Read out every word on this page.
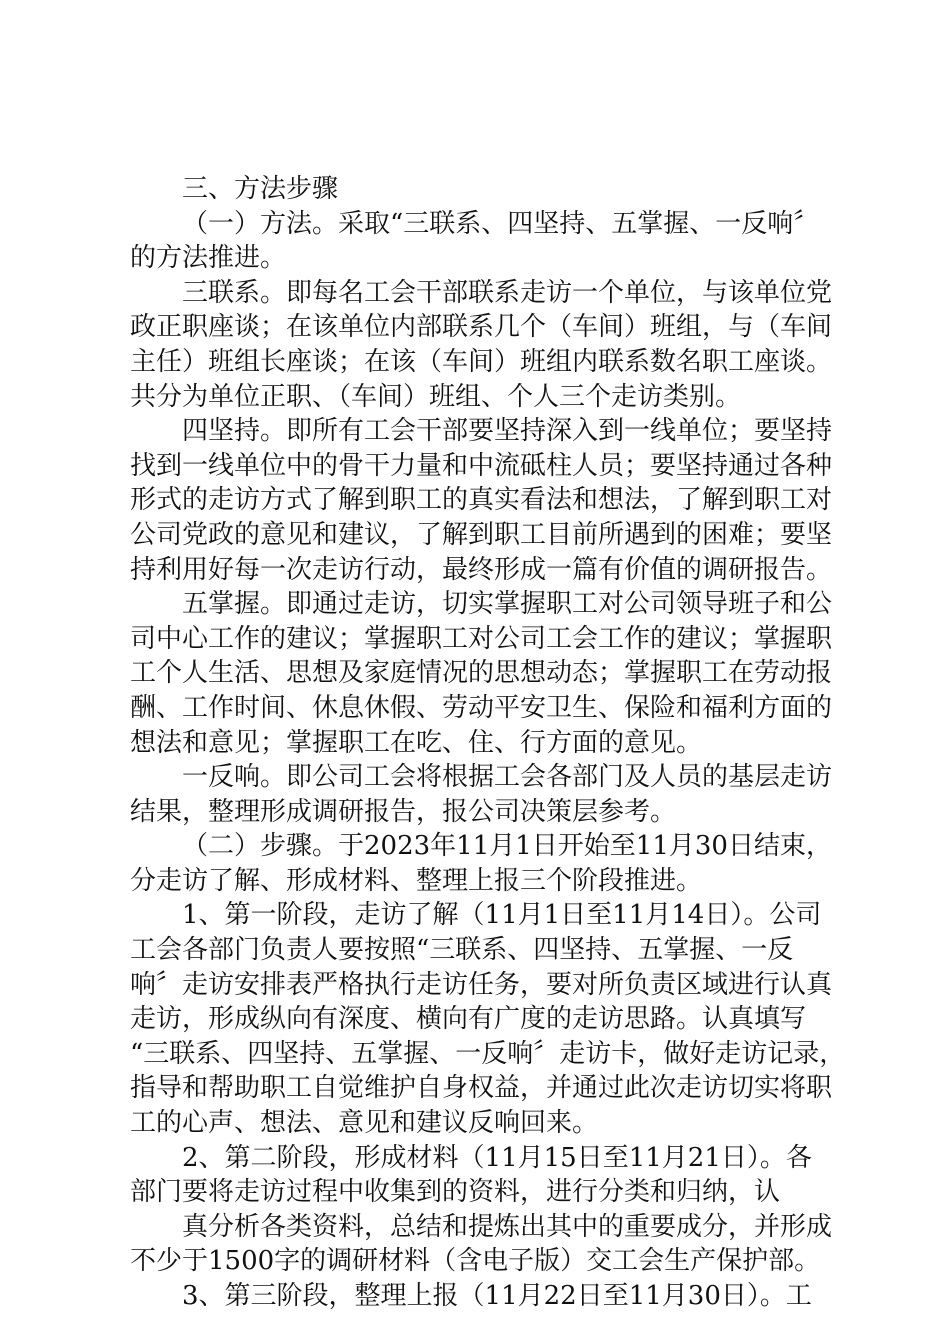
三、方法步骤
（一）方法。采取“三联系、四坚持、五掌握、一反响〞
的方法推进。
三联系。即每名工会干部联系走访一个单位，与该单位党
政正职座谈；在该单位内部联系几个（车间）班组，与（车间
主任）班组长座谈；在该（车间）班组内联系数名职工座谈。
共分为单位正职、（车间）班组、个人三个走访类别。
四坚持。即所有工会干部要坚持深入到一线单位；要坚持
找到一线单位中的骨干力量和中流砥柱人员；要坚持通过各种
形式的走访方式了解到职工的真实看法和想法，了解到职工对
公司党政的意见和建议，了解到职工目前所遇到的困难；要坚
持利用好每一次走访行动，最终形成一篇有价值的调研报告。
五掌握。即通过走访，切实掌握职工对公司领导班子和公
司中心工作的建议；掌握职工对公司工会工作的建议；掌握职
工个人生活、思想及家庭情况的思想动态；掌握职工在劳动报
酬、工作时间、休息休假、劳动平安卫生、保险和福利方面的
想法和意见；掌握职工在吃、住、行方面的意见。
一反响。即公司工会将根据工会各部门及人员的基层走访
结果，整理形成调研报告，报公司决策层参考。
（二）步骤。于2023年11月1日开始至11月30日结束，
分走访了解、形成材料、整理上报三个阶段推进。
1、第一阶段，走访了解（11月1日至11月14日）。公司
工会各部门负责人要按照“三联系、四坚持、五掌握、一反
响〞走访安排表严格执行走访任务，要对所负责区域进行认真
走访，形成纵向有深度、横向有广度的走访思路。认真填写
“三联系、四坚持、五掌握、一反响〞走访卡，做好走访记录，
指导和帮助职工自觉维护自身权益，并通过此次走访切实将职
工的心声、想法、意见和建议反响回来。
2、第二阶段，形成材料（11月15日至11月21日）。各
部门要将走访过程中收集到的资料，进行分类和归纳，认
真分析各类资料，总结和提炼出其中的重要成分，并形成
不少于1500字的调研材料（含电子版）交工会生产保护部。
3、第三阶段，整理上报（11月22日至11月30日）。工
